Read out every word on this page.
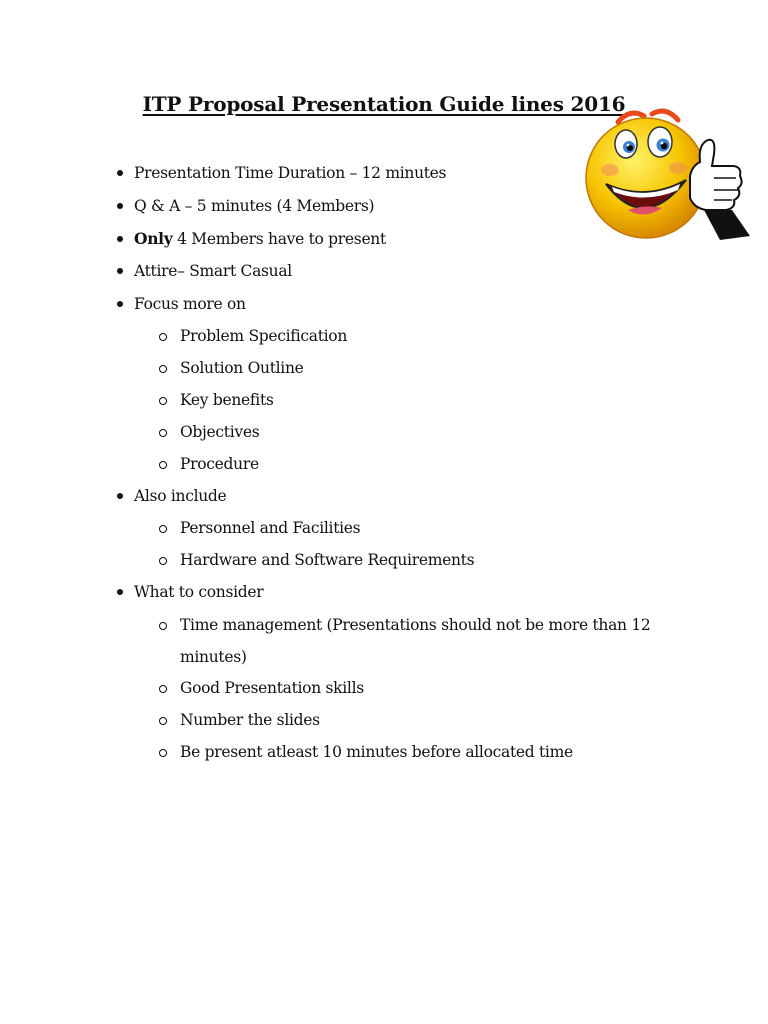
ITP Proposal Presentation Guide lines 2016
Presentation Time Duration – 12 minutes
Q & A – 5 minutes (4 Members)
Only 4 Members have to present
Attire– Smart Casual
Focus more on
Problem Specification
Solution Outline
Key benefits
Objectives
Procedure
Also include
Personnel and Facilities
Hardware and Software Requirements
What to consider
Time management (Presentations should not be more than 12
minutes)
Good Presentation skills
Number the slides
Be present atleast 10 minutes before allocated time
